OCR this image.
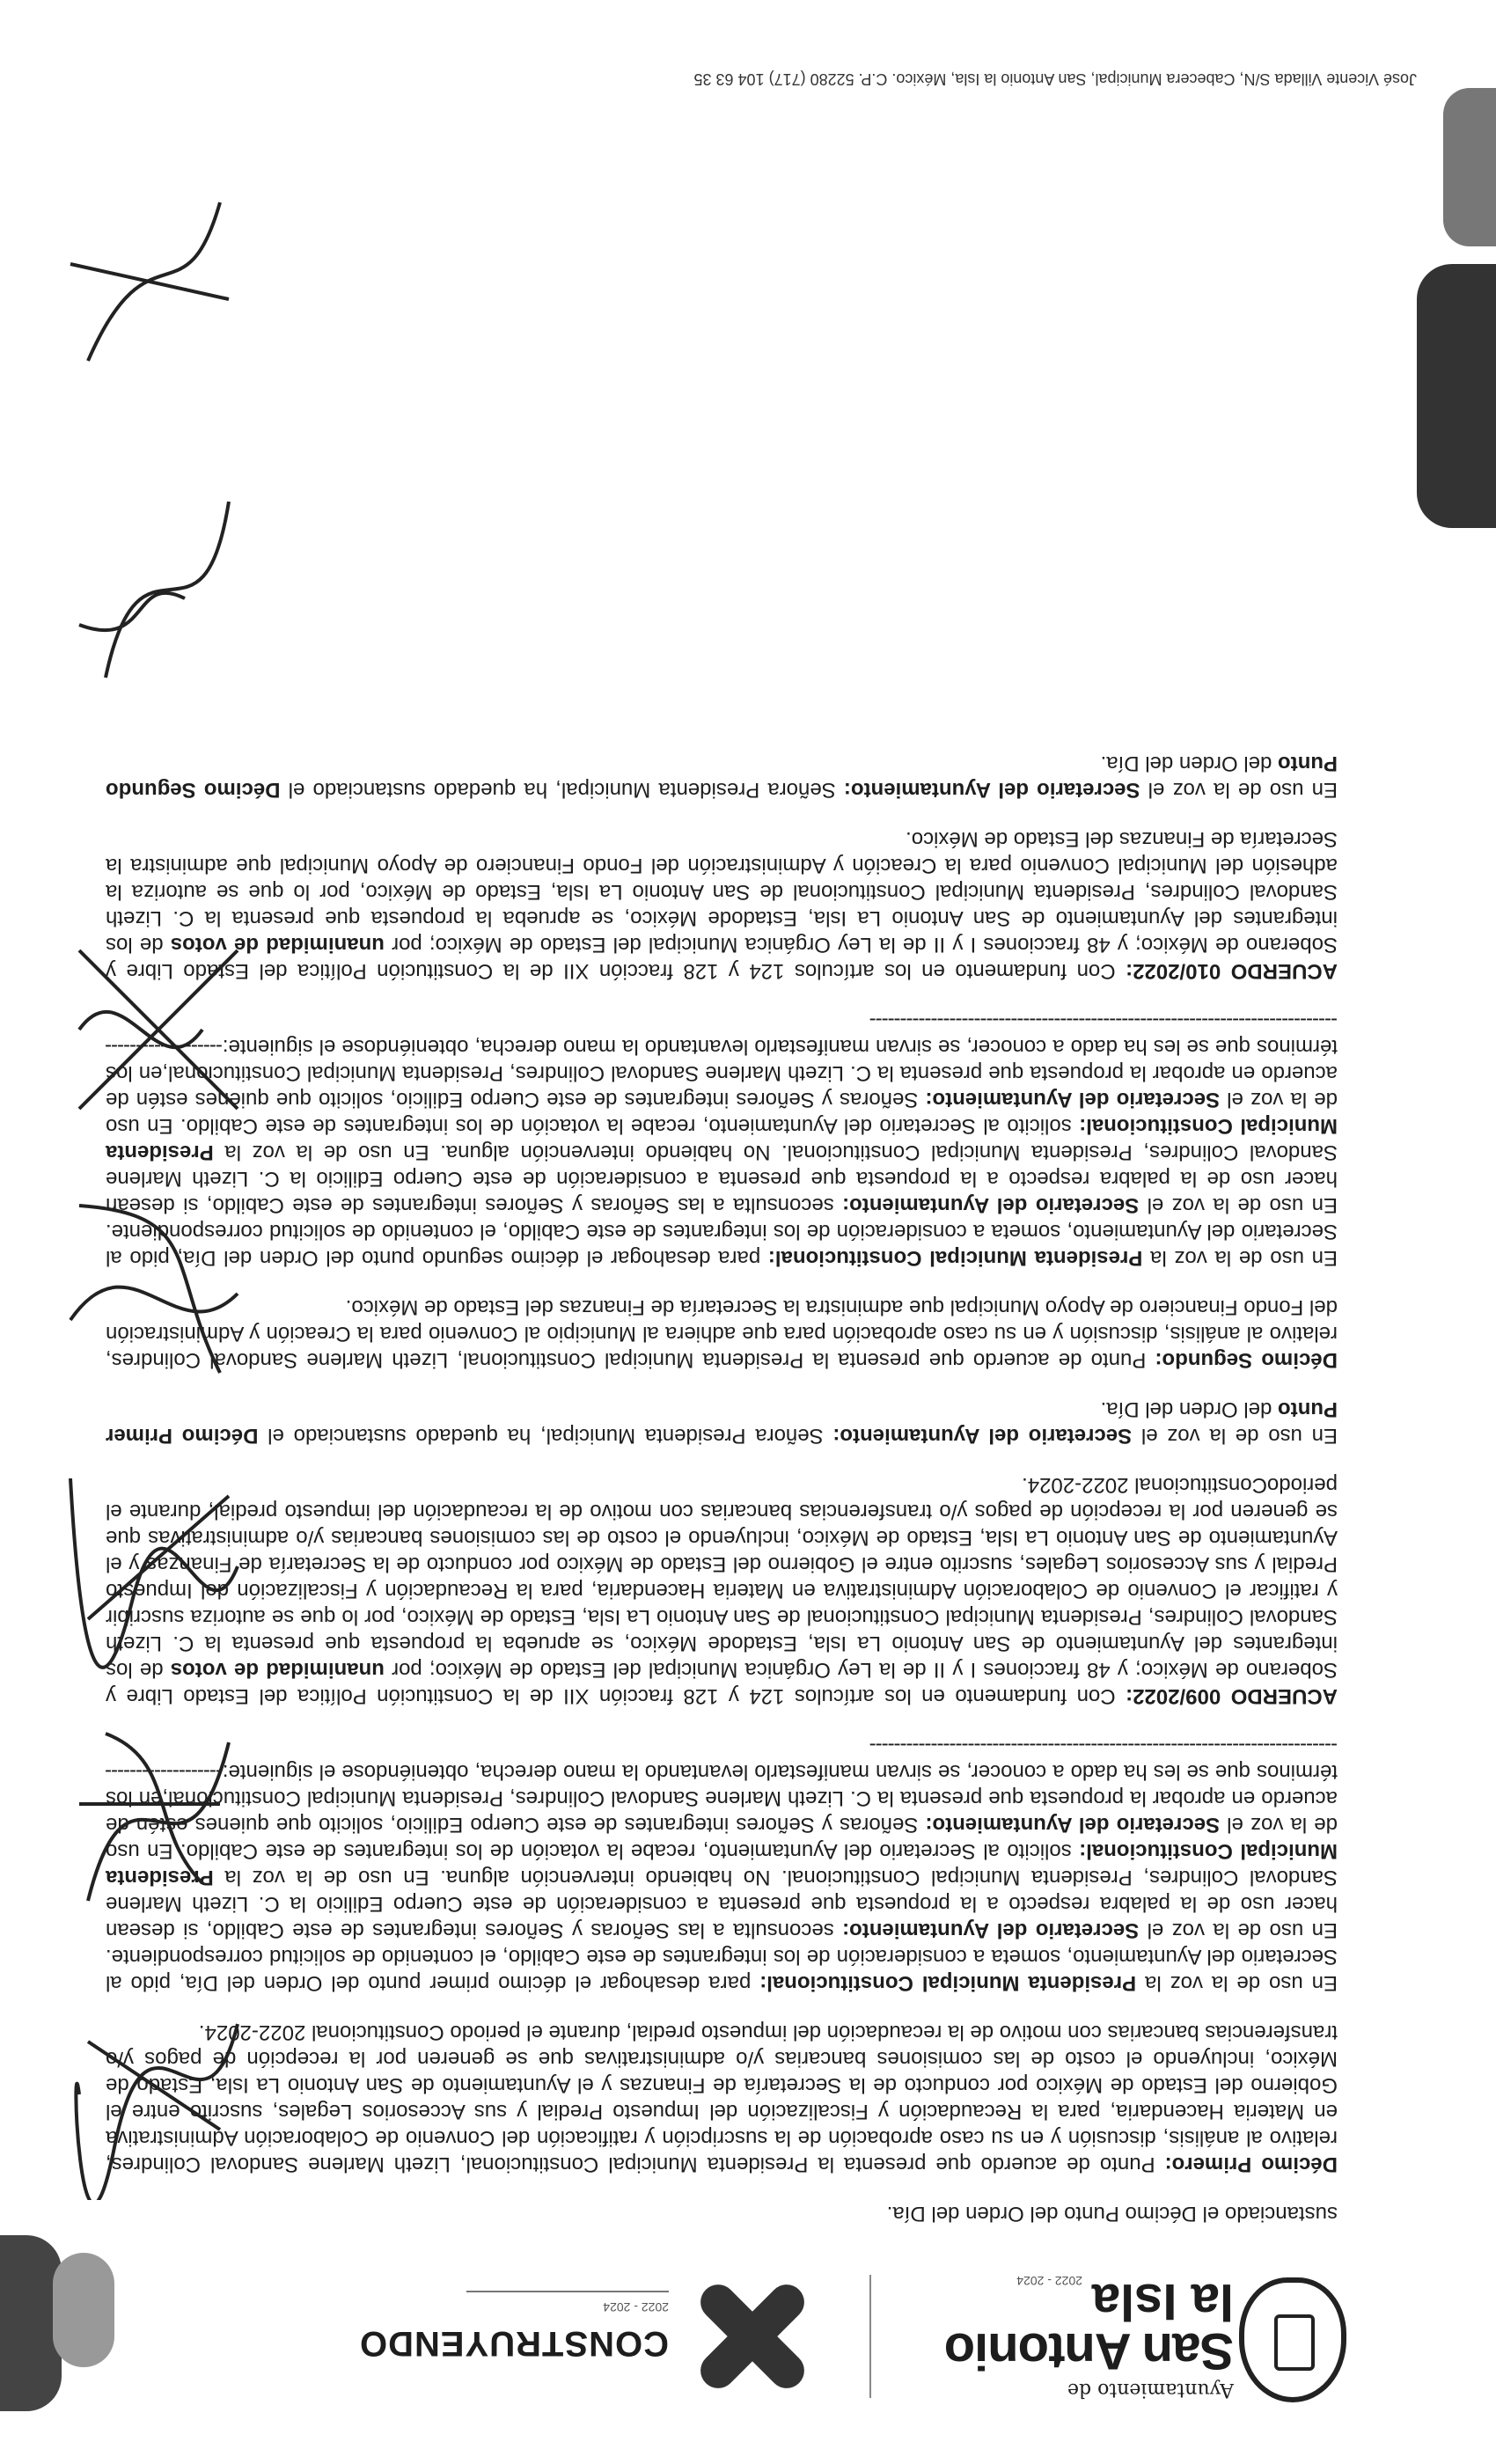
Ayuntamiento de
San Antonio
la Isla
2022 - 2024
CONSTRUYENDO
2022 - 2024

sustanciado el Décimo Punto del Orden del Día.

Décimo Primero: Punto de acuerdo que presenta la Presidenta Municipal Constitucional, Lizeth Marlene Sandoval Colindres, relativo al análisis, discusión y en su caso aprobación de la suscripción y ratificación del Convenio de Colaboración Administrativa en Materia Hacendaria, para la Recaudación y Fiscalización del Impuesto Predial y sus Accesorios Legales, suscrito entre el Gobierno del Estado de México por conducto de la Secretaría de Finanzas y el Ayuntamiento de San Antonio La Isla, Estado de México, incluyendo el costo de las comisiones bancarias y/o administrativas que se generen por la recepción de pagos y/o transferencias bancarias con motivo de la recaudación del impuesto predial, durante el periodo Constitucional 2022-2024.

En uso de la voz la Presidenta Municipal Constitucional: para desahogar el décimo primer punto del Orden del Día, pido al Secretario del Ayuntamiento, someta a consideración de los integrantes de este Cabildo, el contenido de solicitud correspondiente. En uso de la voz el Secretario del Ayuntamiento: seconsulta a las Señoras y Señores integrantes de este Cabildo, si desean hacer uso de la palabra respecto a la propuesta que presenta a consideración de este Cuerpo Edilicio la C. Lizeth Marlene Sandoval Colindres, Presidenta Municipal Constitucional. No habiendo intervención alguna. En uso de la voz la Presidenta Municipal Constitucional: solicito al Secretario del Ayuntamiento, recabe la votación de los integrantes de este Cabildo. En uso de la voz el Secretario del Ayuntamiento: Señoras y Señores integrantes de este Cuerpo Edilicio, solicito que quienes estén de acuerdo en aprobar la propuesta que presenta la C. Lizeth Marlene Sandoval Colindres, Presidenta Municipal Constitucional,en los términos que se les ha dado a conocer, se sirvan manifestarlo levantando la mano derecha, obteniéndose el siguiente:-----------------------------------------------------------------------------------------------

ACUERDO 009/2022: Con fundamento en los artículos 124 y 128 fracción XII de la Constitución Política del Estado Libre y Soberano de México; y 48 fracciones I y II de la Ley Orgánica Municipal del Estado de México; por unanimidad de votos de los integrantes del Ayuntamiento de San Antonio La Isla, Estadode México, se aprueba la propuesta que presenta la C. Lizeth Sandoval Colindres, Presidenta Municipal Constitucional de San Antonio La Isla, Estado de México, por lo que se autoriza suscribir y ratificar el Convenio de Colaboración Administrativa en Materia Hacendaria, para la Recaudación y Fiscalización del Impuesto Predial y sus Accesorios Legales, suscrito entre el Gobierno del Estado de México por conducto de la Secretaría de Finanzas y el Ayuntamiento de San Antonio La Isla, Estado de México, incluyendo el costo de las comisiones bancarias y/o administrativas que se generen por la recepción de pagos y/o transferencias bancarias con motivo de la recaudación del impuesto predial, durante el periodoConstitucional 2022-2024.

En uso de la voz el Secretario del Ayuntamiento: Señora Presidenta Municipal, ha quedado sustanciado el Décimo Primer Punto del Orden del Día.

Décimo Segundo: Punto de acuerdo que presenta la Presidenta Municipal Constitucional, Lizeth Marlene Sandoval Colindres, relativo al análisis, discusión y en su caso aprobación para que adhiera al Municipio al Convenio para la Creación y Administración del Fondo Financiero de Apoyo Municipal que administra la Secretaría de Finanzas del Estado de México.

En uso de la voz la Presidenta Municipal Constitucional: para desahogar el décimo segundo punto del Orden del Día, pido al Secretario del Ayuntamiento, someta a consideración de los integrantes de este Cabildo, el contenido de solicitud correspondiente. En uso de la voz el Secretario del Ayuntamiento: seconsulta a las Señoras y Señores integrantes de este Cabildo, si desean hacer uso de la palabra respecto a la propuesta que presenta a consideración de este Cuerpo Edilicio la C. Lizeth Marlene Sandoval Colindres, Presidenta Municipal Constitucional. No habiendo intervención alguna. En uso de la voz la Presidenta Municipal Constitucional: solicito al Secretario del Ayuntamiento, recabe la votación de los integrantes de este Cabildo. En uso de la voz el Secretario del Ayuntamiento: Señoras y Señores integrantes de este Cuerpo Edilicio, solicito que quienes estén de acuerdo en aprobar la propuesta que presenta la C. Lizeth Marlene Sandoval Colindres, Presidenta Municipal Constitucional,en los términos que se les ha dado a conocer, se sirvan manifestarlo levantando la mano derecha, obteniéndose el siguiente:-----------------------------------------------------------------------------------------------

ACUERDO 010/2022: Con fundamento en los artículos 124 y 128 fracción XII de la Constitución Política del Estado Libre y Soberano de México; y 48 fracciones I y II de la Ley Orgánica Municipal del Estado de México; por unanimidad de votos de los integrantes del Ayuntamiento de San Antonio La Isla, Estadode México, se aprueba la propuesta que presenta la C. Lizeth Sandoval Colindres, Presidenta Municipal Constitucional de San Antonio La Isla, Estado de México, por lo que se autoriza la adhesión del Municipal Convenio para la Creación y Administración del Fondo Financiero de Apoyo Municipal que administra la Secretaría de Finanzas del Estado de México.

En uso de la voz el Secretario del Ayuntamiento: Señora Presidenta Municipal, ha quedado sustanciado el Décimo Segundo Punto del Orden del Día.

José Vicente Villada S/N, Cabecera Municipal, San Antonio la Isla, México. C.P. 52280 (717) 104 63 35
